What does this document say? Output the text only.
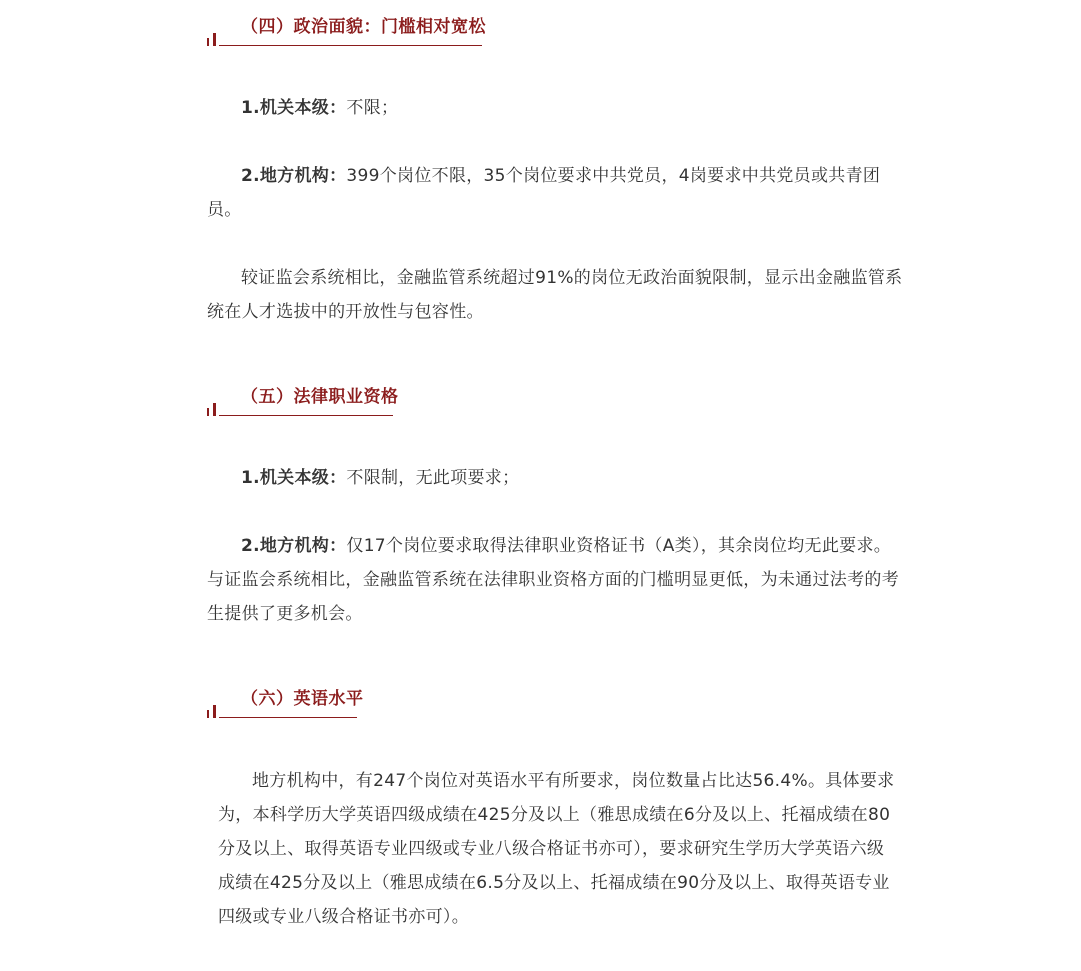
（四）政治面貌：门槛相对宽松
1.机关本级：不限；
2.地方机构：399个岗位不限，35个岗位要求中共党员，4岗要求中共党员或共青团员。
较证监会系统相比，金融监管系统超过91%的岗位无政治面貌限制，显示出金融监管系统在人才选拔中的开放性与包容性。
（五）法律职业资格
1.机关本级：不限制，无此项要求；
2.地方机构：仅17个岗位要求取得法律职业资格证书（A类），其余岗位均无此要求。与证监会系统相比，金融监管系统在法律职业资格方面的门槛明显更低，为未通过法考的考生提供了更多机会。
（六）英语水平
地方机构中，有247个岗位对英语水平有所要求，岗位数量占比达56.4%。具体要求为，本科学历大学英语四级成绩在425分及以上（雅思成绩在6分及以上、托福成绩在80分及以上、取得英语专业四级或专业八级合格证书亦可），要求研究生学历大学英语六级成绩在425分及以上（雅思成绩在6.5分及以上、托福成绩在90分及以上、取得英语专业四级或专业八级合格证书亦可）。
